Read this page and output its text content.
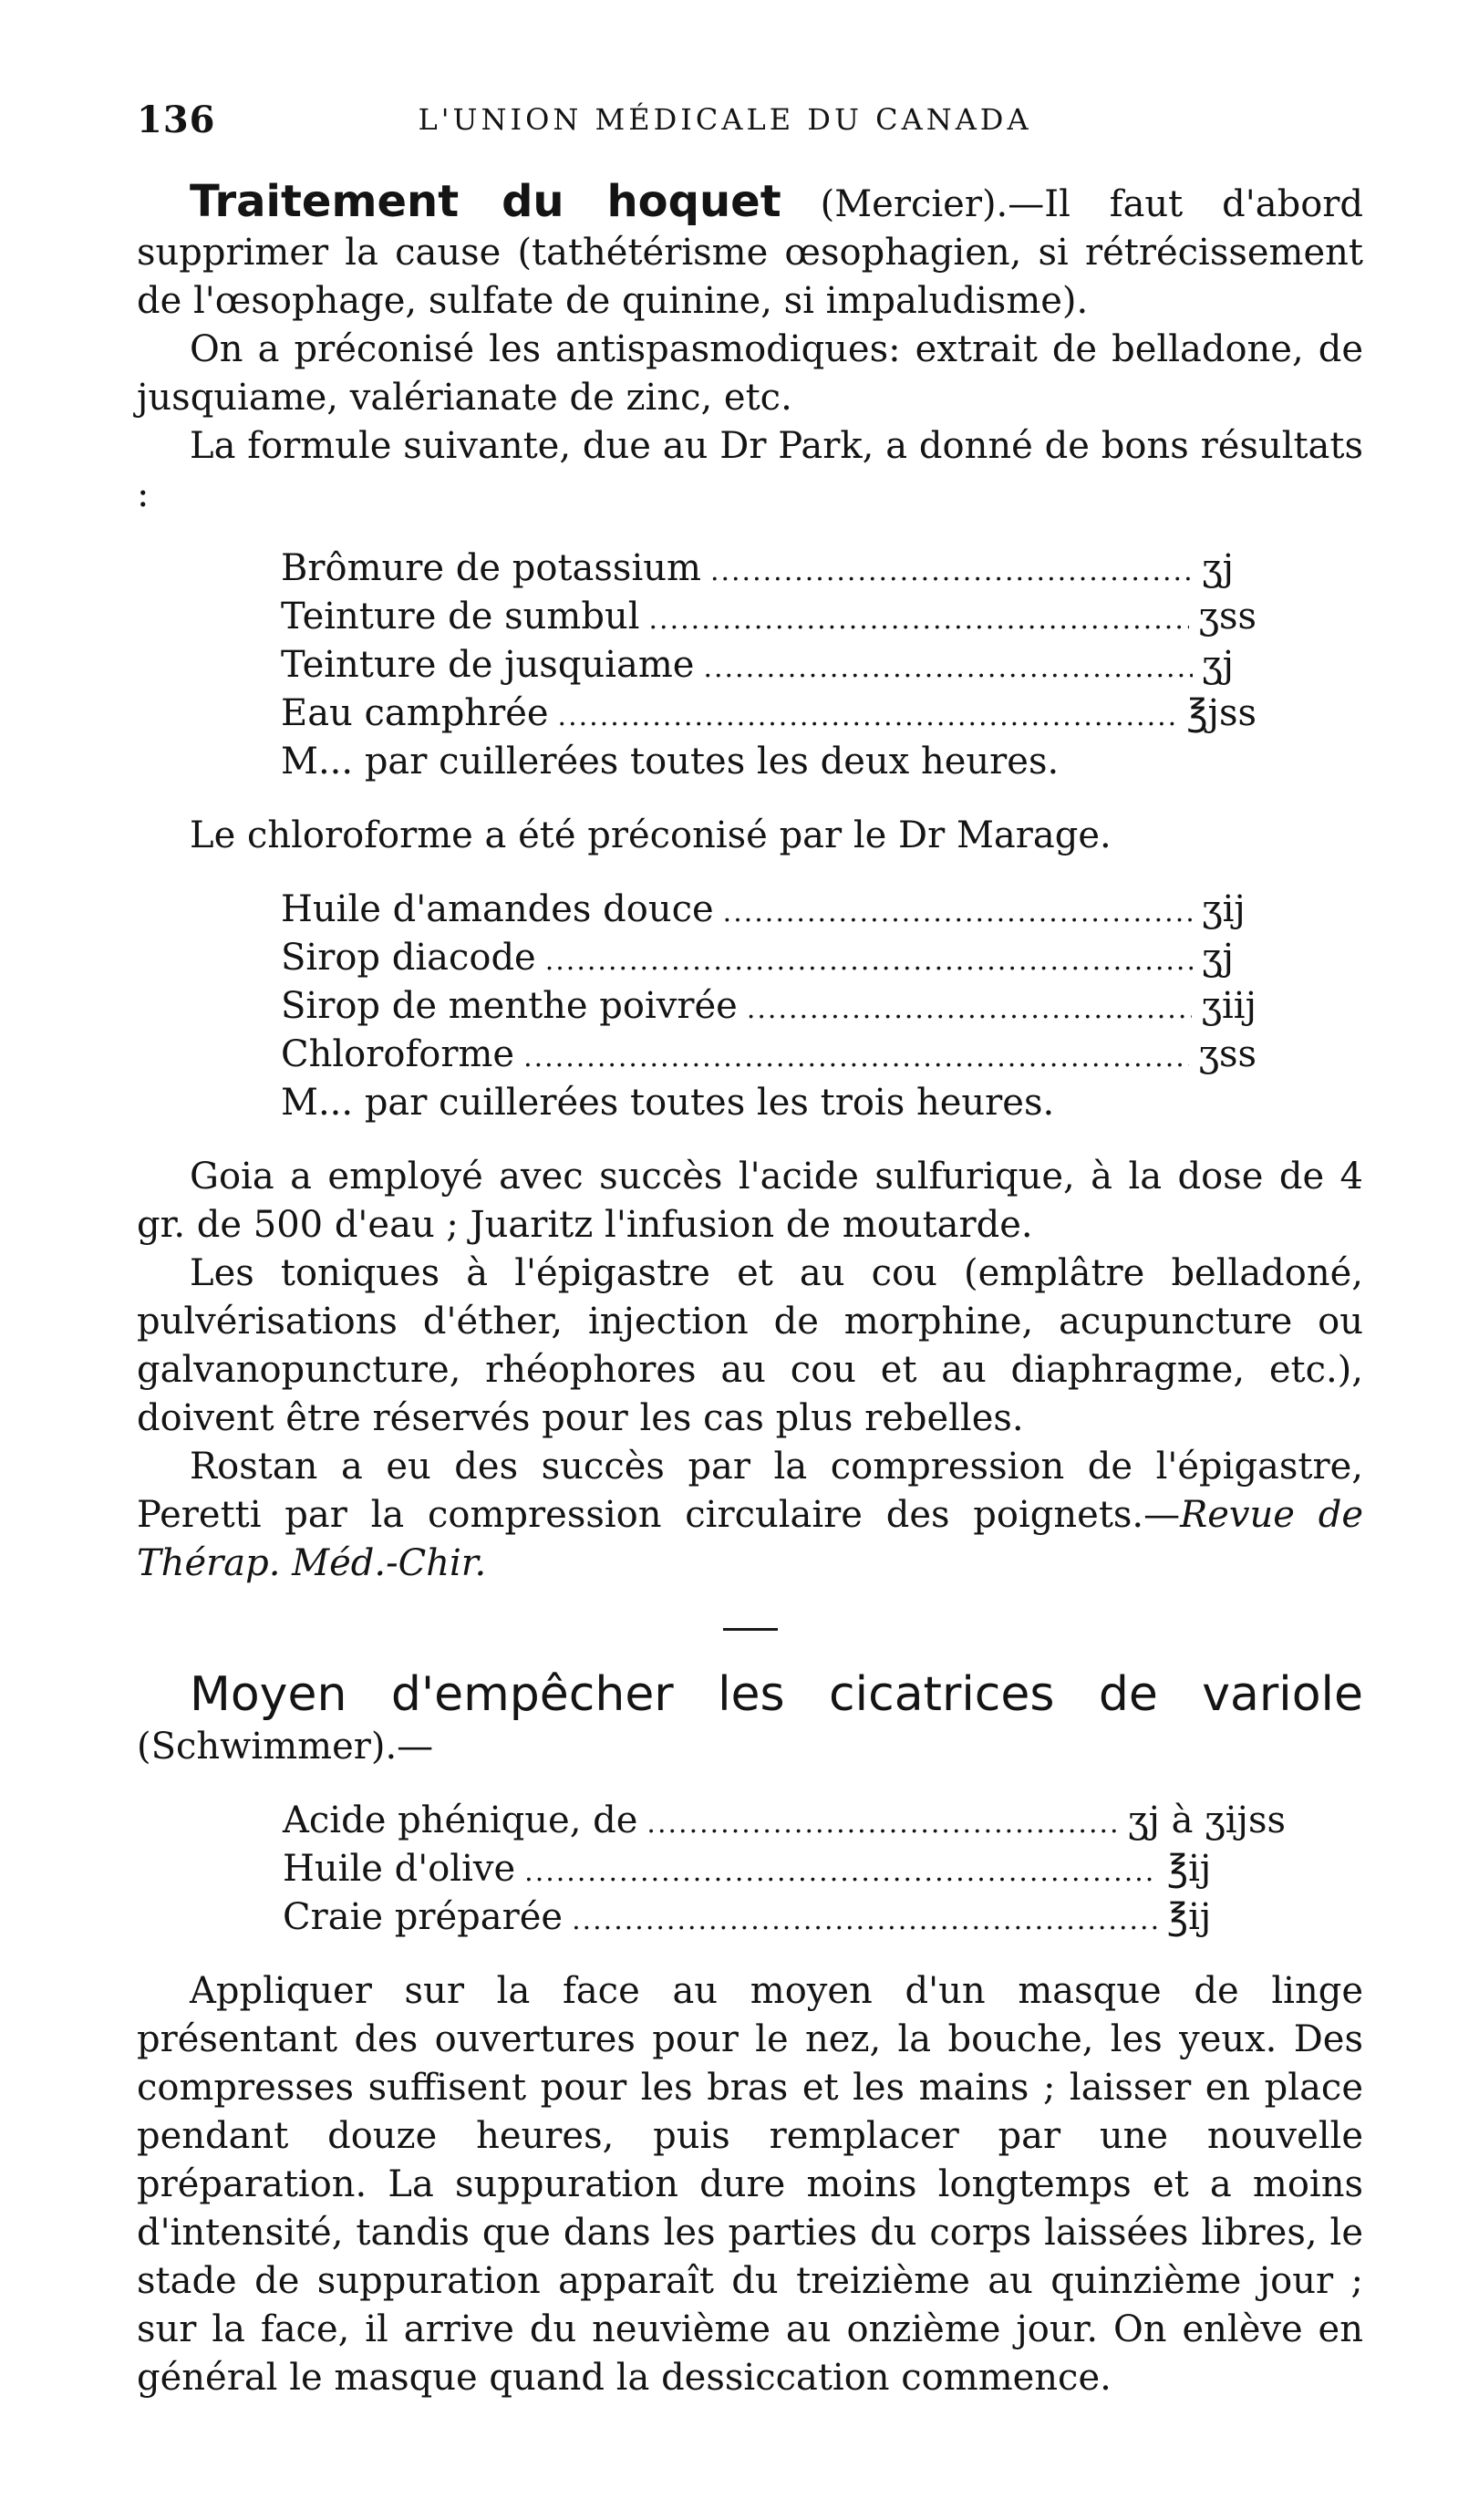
136	L'UNION MÉDICALE DU CANADA

Traitement du hoquet (Mercier).—Il faut d'abord supprimer la cause (tathétérisme œsophagien, si rétrécissement de l'œsophage, sulfate de quinine, si impaludisme).

On a préconisé les antispasmodiques: extrait de belladone, de jusquiame, valérianate de zinc, etc.

La formule suivante, due au Dr Park, a donné de bons résultats :

Brômure de potassium .....	ʒj
Teinture de sumbul .....	ʒss
Teinture de jusquiame .....	ʒj
Eau camphrée .....	℥jss

M... par cuillerées toutes les deux heures.

Le chloroforme a été préconisé par le Dr Marage.

Huile d'amandes douce .....	ʒij
Sirop diacode .....	ʒj
Sirop de menthe poivrée .....	ʒiij
Chloroforme .....	ʒss

M... par cuillerées toutes les trois heures.

Goia a employé avec succès l'acide sulfurique, à la dose de 4 gr. de 500 d'eau ; Juaritz l'infusion de moutarde.

Les toniques à l'épigastre et au cou (emplâtre belladoné, pulvérisations d'éther, injection de morphine, acupuncture ou galvanopuncture, rhéophores au cou et au diaphragme, etc.), doivent être réservés pour les cas plus rebelles.

Rostan a eu des succès par la compression de l'épigastre, Peretti par la compression circulaire des poignets.—Revue de Thérap. Méd.-Chir.

Moyen d'empêcher les cicatrices de variole (Schwimmer).—

Acide phénique, de .....	ʒj à ʒijss
Huile d'olive .....	℥ij
Craie préparée .....	℥ij

Appliquer sur la face au moyen d'un masque de linge présentant des ouvertures pour le nez, la bouche, les yeux. Des compresses suffisent pour les bras et les mains ; laisser en place pendant douze heures, puis remplacer par une nouvelle préparation. La suppuration dure moins longtemps et a moins d'intensité, tandis que dans les parties du corps laissées libres, le stade de suppuration apparaît du treizième au quinzième jour ; sur la face, il arrive du neuvième au onzième jour. On enlève en général le masque quand la dessiccation commence.
